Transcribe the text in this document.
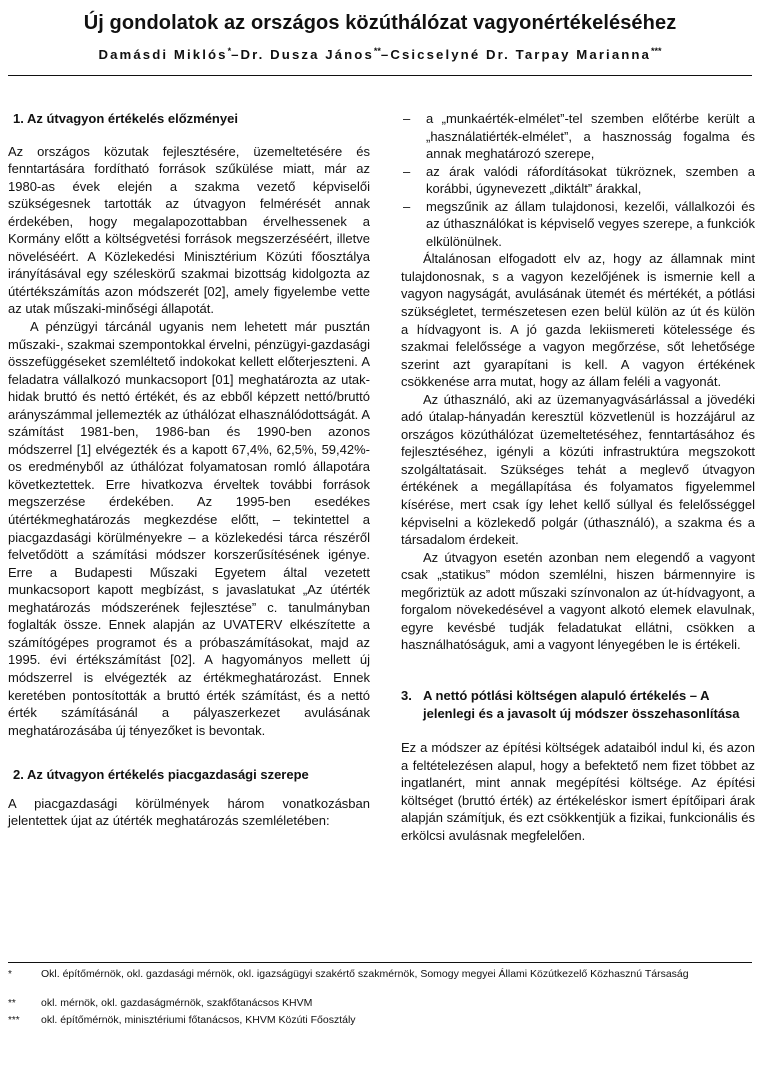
Új gondolatok az országos közúthálózat vagyonértékeléséhez
Damásdi Miklós*–Dr. Dusza János**–Csicselyné Dr. Tarpay Marianna***
1. Az útvagyon értékelés előzményei

Az országos közutak fejlesztésére, üzemeltetésére és fenntartására fordítható források szűkülése miatt, már az 1980-as évek elején a szakma vezető képviselői szükségesnek tartották az útvagyon felmérését annak érdekében, hogy megalapozottabban érvelhessenek a Kormány előtt a költségvetési források megszerzéséért, illetve növeléséért. A Közlekedési Minisztérium Közúti főosztálya irányításával egy széleskörű szakmai bizottság kidolgozta az útértékszámítás azon módszerét [02], amely figyelembe vette az utak műszaki-minőségi állapotát.

A pénzügyi tárcánál ugyanis nem lehetett már pusztán műszaki-, szakmai szempontokkal érvelni, pénzügyi-gazdasági összefüggéseket szemléltető indokokat kellett előterjeszteni. A feladatra vállalkozó munkacsoport [01] meghatározta az utak-hidak bruttó és nettó értékét, és az ebből képzett nettó/bruttó arányszámmal jellemezték az úthálózat elhasználódottságát. A számítást 1981-ben, 1986-ban és 1990-ben azonos módszerrel [1] elvégezték és a kapott 67,4%, 62,5%, 59,42%-os eredményből az úthálózat folyamatosan romló állapotára következtettek. Erre hivatkozva érveltek további források megszerzése érdekében. Az 1995-ben esedékes útértékmeghatározás megkezdése előtt, – tekintettel a piacgazdasági körülményekre – a közlekedési tárca részéről felvetődött a számítási módszer korszerűsítésének igénye. Erre a Budapesti Műszaki Egyetem által vezetett munkacsoport kapott megbízást, s javaslatukat „Az útérték meghatározás módszerének fejlesztése” c. tanulmányban foglalták össze. Ennek alapján az UVATERV elkészítette a számítógépes programot és a próbaszámításokat, majd az 1995. évi értékszámítást [02]. A hagyományos mellett új módszerrel is elvégezték az értékmeghatározást. Ennek keretében pontosították a bruttó érték számítást, és a nettó érték számításánál a pályaszerkezet avulásának meghatározásába új tényezőket is bevontak.

2. Az útvagyon értékelés piacgazdasági szerepe

A piacgazdasági körülmények három vonatkozásban jelentettek újat az útérték meghatározás szemléletében:

– a „munkaérték-elmélet”-tel szemben előtérbe került a „használatiérték-elmélet”, a hasznosság fogalma és annak meghatározó szerepe,
– az árak valódi ráfordításokat tükröznek, szemben a korábbi, úgynevezett „diktált” árakkal,
– megszűnik az állam tulajdonosi, kezelői, vállalkozói és az úthasználókat is képviselő vegyes szerepe, a funkciók elkülönülnek.

Általánosan elfogadott elv az, hogy az államnak mint tulajdonosnak, s a vagyon kezelőjének is ismernie kell a vagyon nagyságát, avulásának ütemét és mértékét, a pótlási szükségletet, természetesen ezen belül külön az út és külön a hídvagyont is. A jó gazda lekiismereti kötelessége és szakmai felelőssége a vagyon megőrzése, sőt lehetősége szerint azt gyarapítani is kell. A vagyon értékének csökkenése arra mutat, hogy az állam feléli a vagyonát.

Az úthasználó, aki az üzemanyagvásárlással a jövedéki adó útalap-hányadán keresztül közvetlenül is hozzájárul az országos közúthálózat üzemeltetéséhez, fenntartásához és fejlesztéséhez, igényli a közúti infrastruktúra megszokott szolgáltatásait. Szükséges tehát a meglevő útvagyon értékének a megállapítása és folyamatos figyelemmel kísérése, mert csak így lehet kellő súllyal és felelősséggel képviselni a közlekedő polgár (úthasználó), a szakma és a társadalom érdekeit.

Az útvagyon esetén azonban nem elegendő a vagyont csak „statikus” módon szemlélni, hiszen bármennyire is megőriztük az adott műszaki színvonalon az út-hídvagyont, a forgalom növekedésével a vagyont alkotó elemek elavulnak, egyre kevésbé tudják feladatukat ellátni, csökken a használhatóságuk, ami a vagyont lényegében le is értékeli.

3. A nettó pótlási költségen alapuló értékelés – A jelenlegi és a javasolt új módszer összehasonlítása

Ez a módszer az építési költségek adataiból indul ki, és azon a feltételezésen alapul, hogy a befektető nem fizet többet az ingatlanért, mint annak megépítési költsége. Az építési költséget (bruttó érték) az értékeléskor ismert építőipari árak alapján számítjuk, és ezt csökkentjük a fizikai, funkcionális és erkölcsi avulásnak megfelelően.

*	Okl. építőmérnök, okl. gazdasági mérnök, okl. igazságügyi szakértő szakmérnök, Somogy megyei Állami Közútkezelő Közhasznú Társaság
**	okl. mérnök, okl. gazdaságmérnök, szakfőtanácsos KHVM
***	okl. építőmérnök, minisztériumi főtanácsos, KHVM Közúti Főosztály
